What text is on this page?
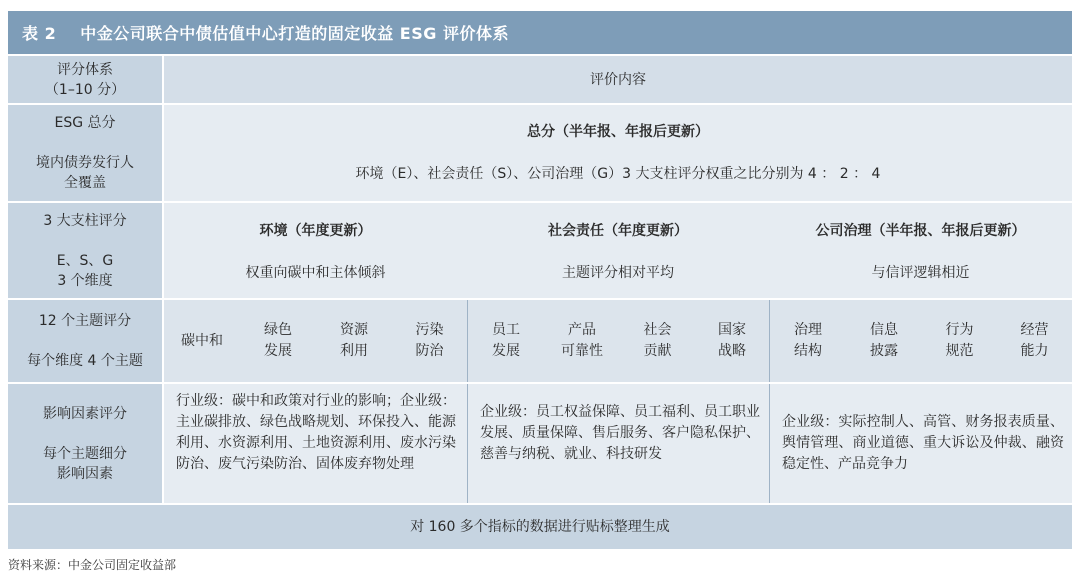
表 2 中金公司联合中债估值中心打造的固定收益 ESG 评价体系
评分体系
（1–10 分）
评价内容
ESG 总分
境内债券发行人
全覆盖
总分（半年报、年报后更新）
环境（E）、社会责任（S）、公司治理（G）3 大支柱评分权重之比分别为 4 ： 2 ： 4
3 大支柱评分
E、S、G
3 个维度
环境（年度更新）
权重向碳中和主体倾斜
社会责任（年度更新）
主题评分相对平均
公司治理（半年报、年报后更新）
与信评逻辑相近
12 个主题评分
每个维度 4 个主题
碳中和
绿色
发展
资源
利用
污染
防治
员工
发展
产品
可靠性
社会
贡献
国家
战略
治理
结构
信息
披露
行为
规范
经营
能力
影响因素评分
每个主题细分
影响因素
行业级：碳中和政策对行业的影响；企业级：主业碳排放、绿色战略规划、环保投入、能源利用、水资源利用、土地资源利用、废水污染防治、废气污染防治、固体废弃物处理
企业级：员工权益保障、员工福利、员工职业发展、质量保障、售后服务、客户隐私保护、慈善与纳税、就业、科技研发
企业级：实际控制人、高管、财务报表质量、舆情管理、商业道德、重大诉讼及仲裁、融资稳定性、产品竞争力
对 160 多个指标的数据进行贴标整理生成
资料来源：中金公司固定收益部
